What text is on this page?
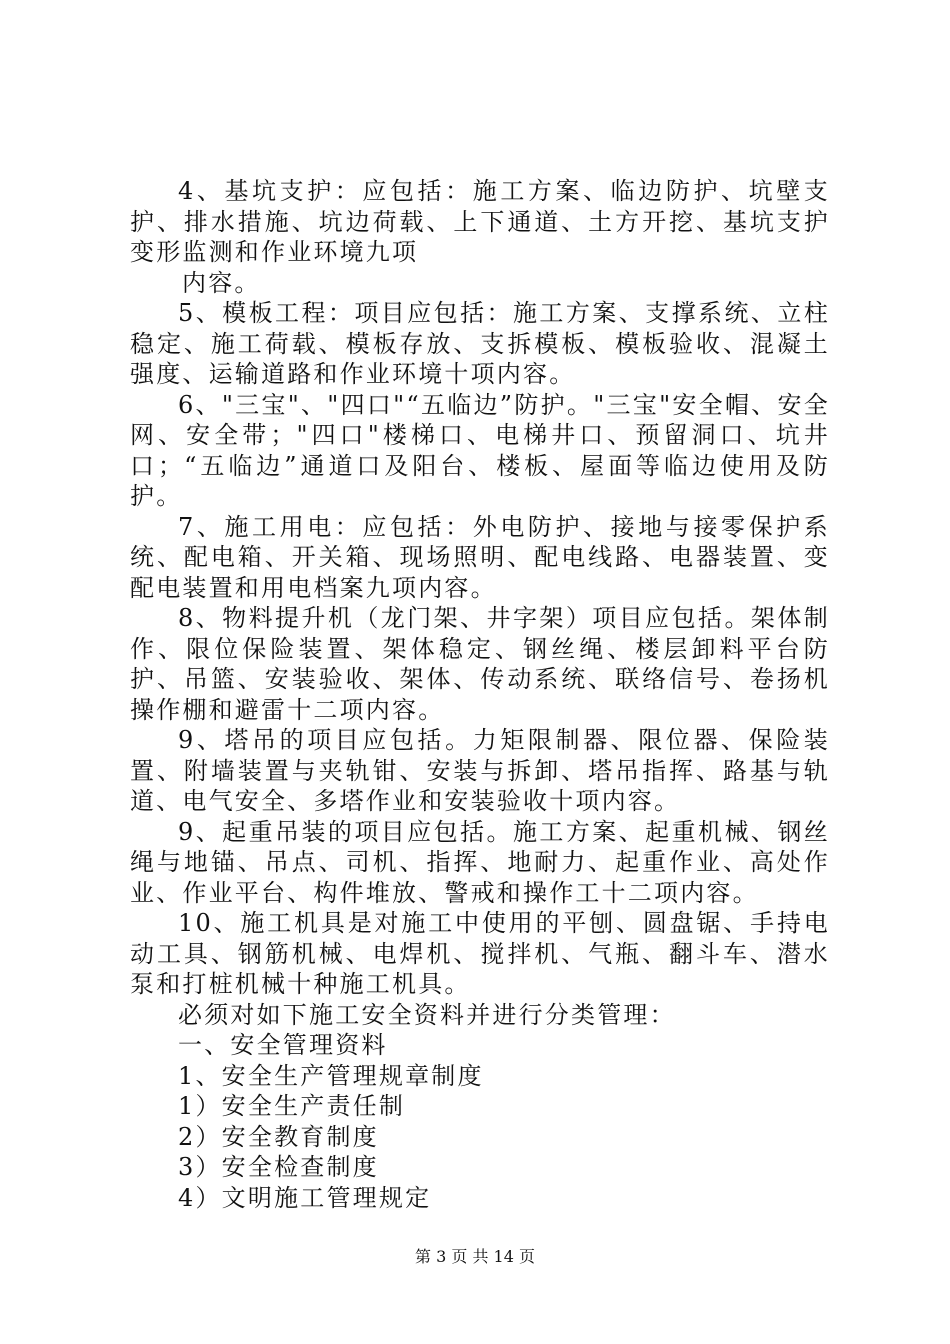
4、基坑支护：应包括：施工方案、临边防护、坑壁支护、排水措施、坑边荷载、上下通道、土方开挖、基坑支护变形监测和作业环境九项

内容。

5、模板工程：项目应包括：施工方案、支撑系统、立柱稳定、施工荷载、模板存放、支拆模板、模板验收、混凝土强度、运输道路和作业环境十项内容。

6、"三宝"、"四口"“五临边”防护。"三宝"安全帽、安全网、安全带；"四口"楼梯口、电梯井口、预留洞口、坑井口；“五临边”通道口及阳台、楼板、屋面等临边使用及防护。

7、施工用电：应包括：外电防护、接地与接零保护系统、配电箱、开关箱、现场照明、配电线路、电器装置、变配电装置和用电档案九项内容。

8、物料提升机（龙门架、井字架）项目应包括。架体制作、限位保险装置、架体稳定、钢丝绳、楼层卸料平台防护、吊篮、安装验收、架体、传动系统、联络信号、卷扬机操作棚和避雷十二项内容。

9、塔吊的项目应包括。力矩限制器、限位器、保险装置、附墙装置与夹轨钳、安装与拆卸、塔吊指挥、路基与轨道、电气安全、多塔作业和安装验收十项内容。

9、起重吊装的项目应包括。施工方案、起重机械、钢丝绳与地锚、吊点、司机、指挥、地耐力、起重作业、高处作业、作业平台、构件堆放、警戒和操作工十二项内容。

10、施工机具是对施工中使用的平刨、圆盘锯、手持电动工具、钢筋机械、电焊机、搅拌机、气瓶、翻斗车、潜水泵和打桩机械十种施工机具。

必须对如下施工安全资料并进行分类管理：

一、安全管理资料

1、安全生产管理规章制度

1）安全生产责任制

2）安全教育制度

3）安全检查制度

4）文明施工管理规定

第 3 页 共 14 页
